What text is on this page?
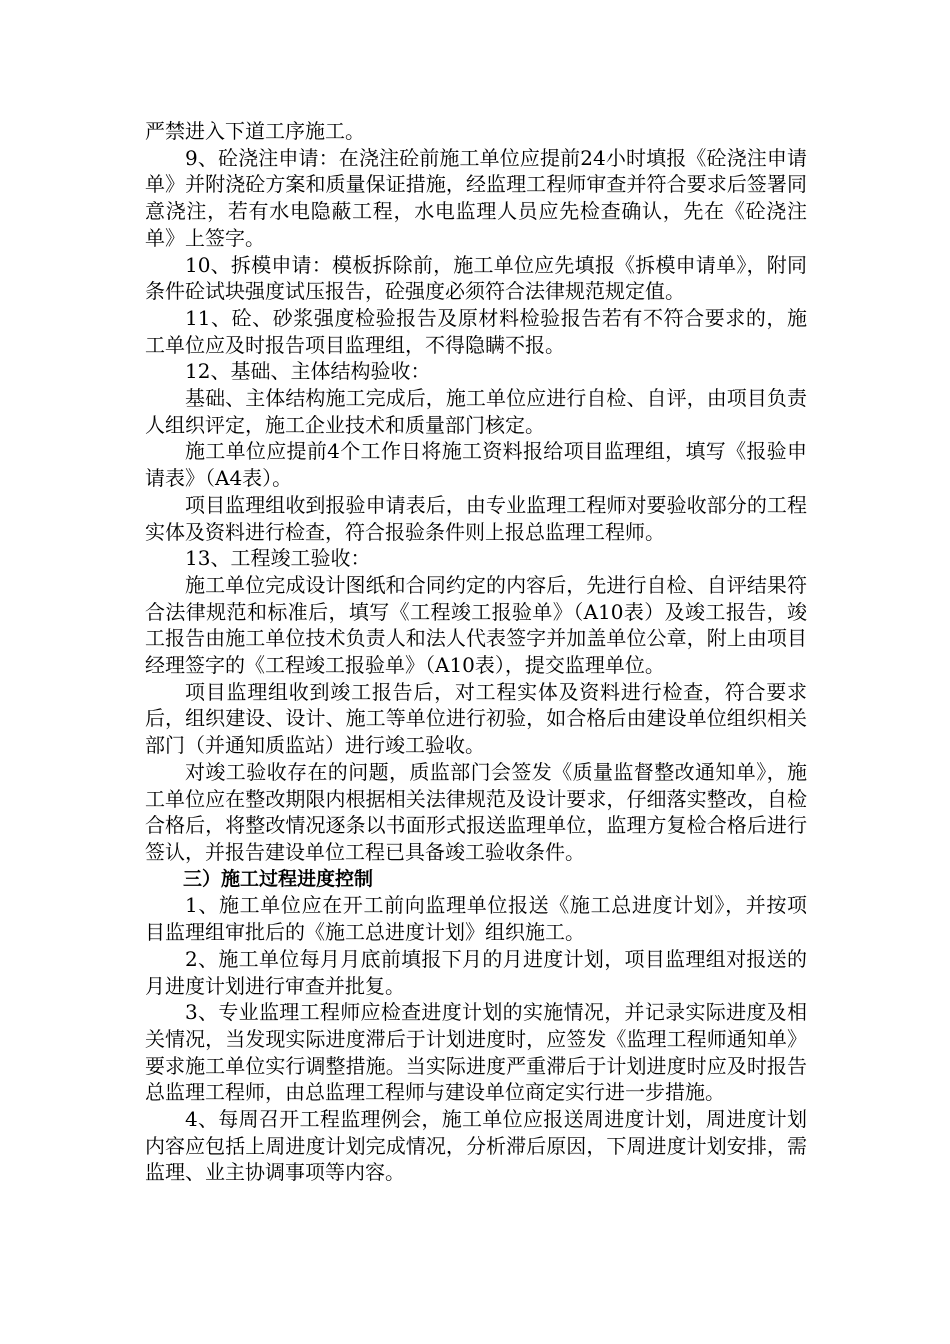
严禁进入下道工序施工。

9、砼浇注申请：在浇注砼前施工单位应提前24小时填报《砼浇注申请单》并附浇砼方案和质量保证措施，经监理工程师审查并符合要求后签署同意浇注，若有水电隐蔽工程，水电监理人员应先检查确认，先在《砼浇注单》上签字。

10、拆模申请：模板拆除前，施工单位应先填报《拆模申请单》，附同条件砼试块强度试压报告，砼强度必须符合法律规范规定值。

11、砼、砂浆强度检验报告及原材料检验报告若有不符合要求的，施工单位应及时报告项目监理组，不得隐瞒不报。

12、基础、主体结构验收：

基础、主体结构施工完成后，施工单位应进行自检、自评，由项目负责人组织评定，施工企业技术和质量部门核定。

施工单位应提前4个工作日将施工资料报给项目监理组，填写《报验申请表》（A4表）。

项目监理组收到报验申请表后，由专业监理工程师对要验收部分的工程实体及资料进行检查，符合报验条件则上报总监理工程师。

13、工程竣工验收：

施工单位完成设计图纸和合同约定的内容后，先进行自检、自评结果符合法律规范和标准后，填写《工程竣工报验单》（A10表）及竣工报告，竣工报告由施工单位技术负责人和法人代表签字并加盖单位公章，附上由项目经理签字的《工程竣工报验单》（A10表），提交监理单位。

项目监理组收到竣工报告后，对工程实体及资料进行检查，符合要求后，组织建设、设计、施工等单位进行初验，如合格后由建设单位组织相关部门（并通知质监站）进行竣工验收。

对竣工验收存在的问题，质监部门会签发《质量监督整改通知单》，施工单位应在整改期限内根据相关法律规范及设计要求，仔细落实整改，自检合格后，将整改情况逐条以书面形式报送监理单位，监理方复检合格后进行签认，并报告建设单位工程已具备竣工验收条件。

三）施工过程进度控制

1、施工单位应在开工前向监理单位报送《施工总进度计划》，并按项目监理组审批后的《施工总进度计划》组织施工。

2、施工单位每月月底前填报下月的月进度计划，项目监理组对报送的月进度计划进行审查并批复。

3、专业监理工程师应检查进度计划的实施情况，并记录实际进度及相关情况，当发现实际进度滞后于计划进度时，应签发《监理工程师通知单》要求施工单位实行调整措施。当实际进度严重滞后于计划进度时应及时报告总监理工程师，由总监理工程师与建设单位商定实行进一步措施。

4、每周召开工程监理例会，施工单位应报送周进度计划，周进度计划内容应包括上周进度计划完成情况，分析滞后原因，下周进度计划安排，需监理、业主协调事项等内容。
